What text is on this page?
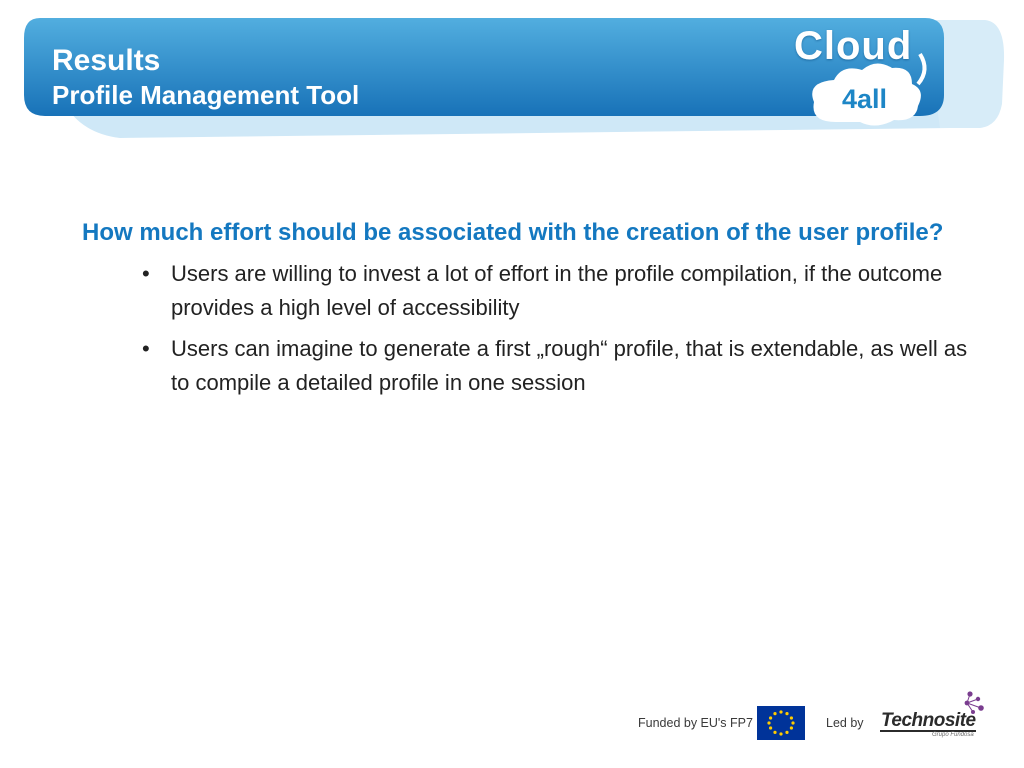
Results
Profile Management Tool
Cloud
4all

How much effort should be associated with the creation of the user profile?

• Users are willing to invest a lot of effort in the profile compilation, if the outcome provides a high level of accessibility
• Users can imagine to generate a first „rough“ profile, that is extendable, as well as to compile a detailed profile in one session
Funded by EU's FP7	Led by Technosite
Grupo Fundosa
